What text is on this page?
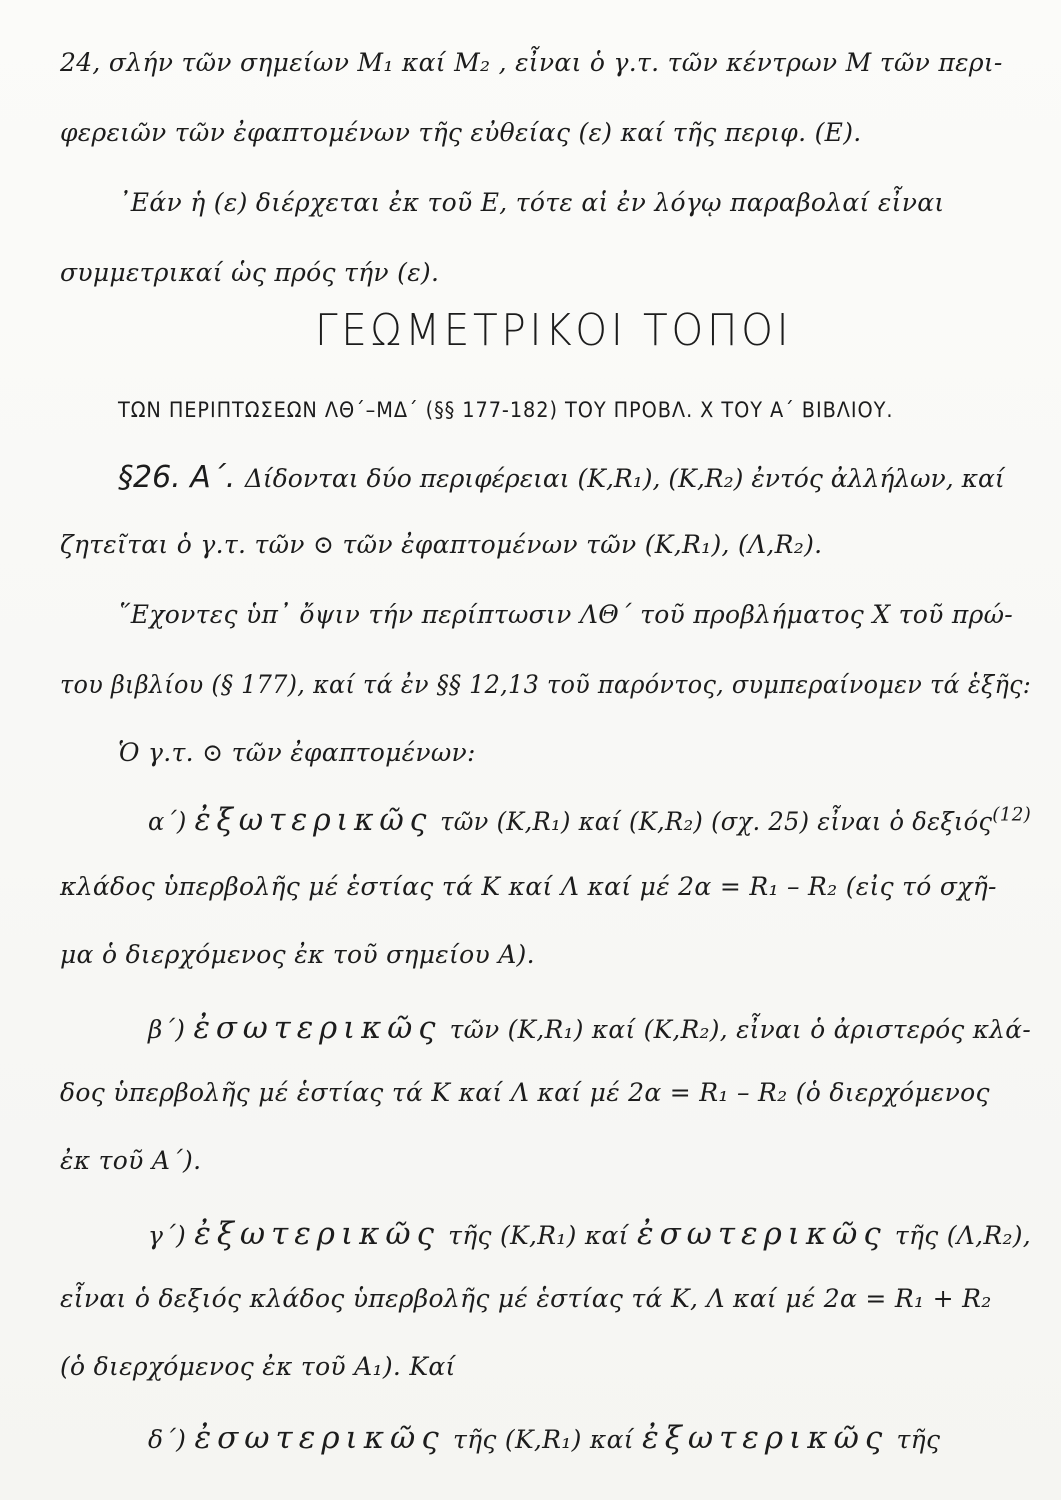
24, σλήν τῶν σημείων Μ₁ καί Μ₂ , εἶναι ὁ γ.τ. τῶν κέντρων Μ τῶν περι-
φερειῶν τῶν ἐφαπτομένων τῆς εὐθείας (ε) καί τῆς περιφ. (Ε).
᾿Εάν ἡ (ε) διέρχεται ἐκ τοῦ Ε, τότε αἱ ἐν λόγῳ παραβολαί εἶναι
συμμετρικαί ὡς πρός τήν (ε).
ΓΕΩΜΕΤΡΙΚΟΙ ΤΟΠΟΙ
ΤΩΝ ΠΕΡΙΠΤΩΣΕΩΝ ΛΘ΄–ΜΔ΄ (§§ 177-182) ΤΟΥ ΠΡΟΒΛ. Χ ΤΟΥ Α΄ ΒΙΒΛΙΟΥ.
§26. Α΄. Δίδονται δύο περιφέρειαι (Κ,R₁), (Κ,R₂) ἐντός ἀλλήλων, καί
ζητεῖται ὁ γ.τ. τῶν ⊙ τῶν ἐφαπτομένων τῶν (Κ,R₁), (Λ,R₂).
῞Εχοντες ὑπ᾿ ὄψιν τήν περίπτωσιν ΛΘ΄ τοῦ προβλήματος Χ τοῦ πρώ-
του βιβλίου (§ 177), καί τά ἐν §§ 12,13 τοῦ παρόντος, συμπεραίνομεν τά ἑξῆς:
Ὁ γ.τ. ⊙ τῶν ἐφαπτομένων:
α΄) ἐξωτερικῶς τῶν (Κ,R₁) καί (Κ,R₂) (σχ. 25) εἶναι ὁ δεξιός$^{(12)}$
κλάδος ὑπερβολῆς μέ ἑστίας τά Κ καί Λ καί μέ 2α = R₁ – R₂ (εἰς τό σχῆ-
μα ὁ διερχόμενος ἐκ τοῦ σημείου Α).
β΄) ἐσωτερικῶς τῶν (Κ,R₁) καί (Κ,R₂), εἶναι ὁ ἀριστερός κλά-
δος ὑπερβολῆς μέ ἑστίας τά Κ καί Λ καί μέ 2α = R₁ – R₂ (ὁ διερχόμενος
ἐκ τοῦ Α΄).
γ΄) ἐξωτερικῶς τῆς (Κ,R₁) καί ἐσωτερικῶς τῆς (Λ,R₂),
εἶναι ὁ δεξιός κλάδος ὑπερβολῆς μέ ἑστίας τά Κ, Λ καί μέ 2α = R₁ + R₂
(ὁ διερχόμενος ἐκ τοῦ Α₁). Καί
δ΄) ἐσωτερικῶς τῆς (Κ,R₁) καί ἐξωτερικῶς τῆς
